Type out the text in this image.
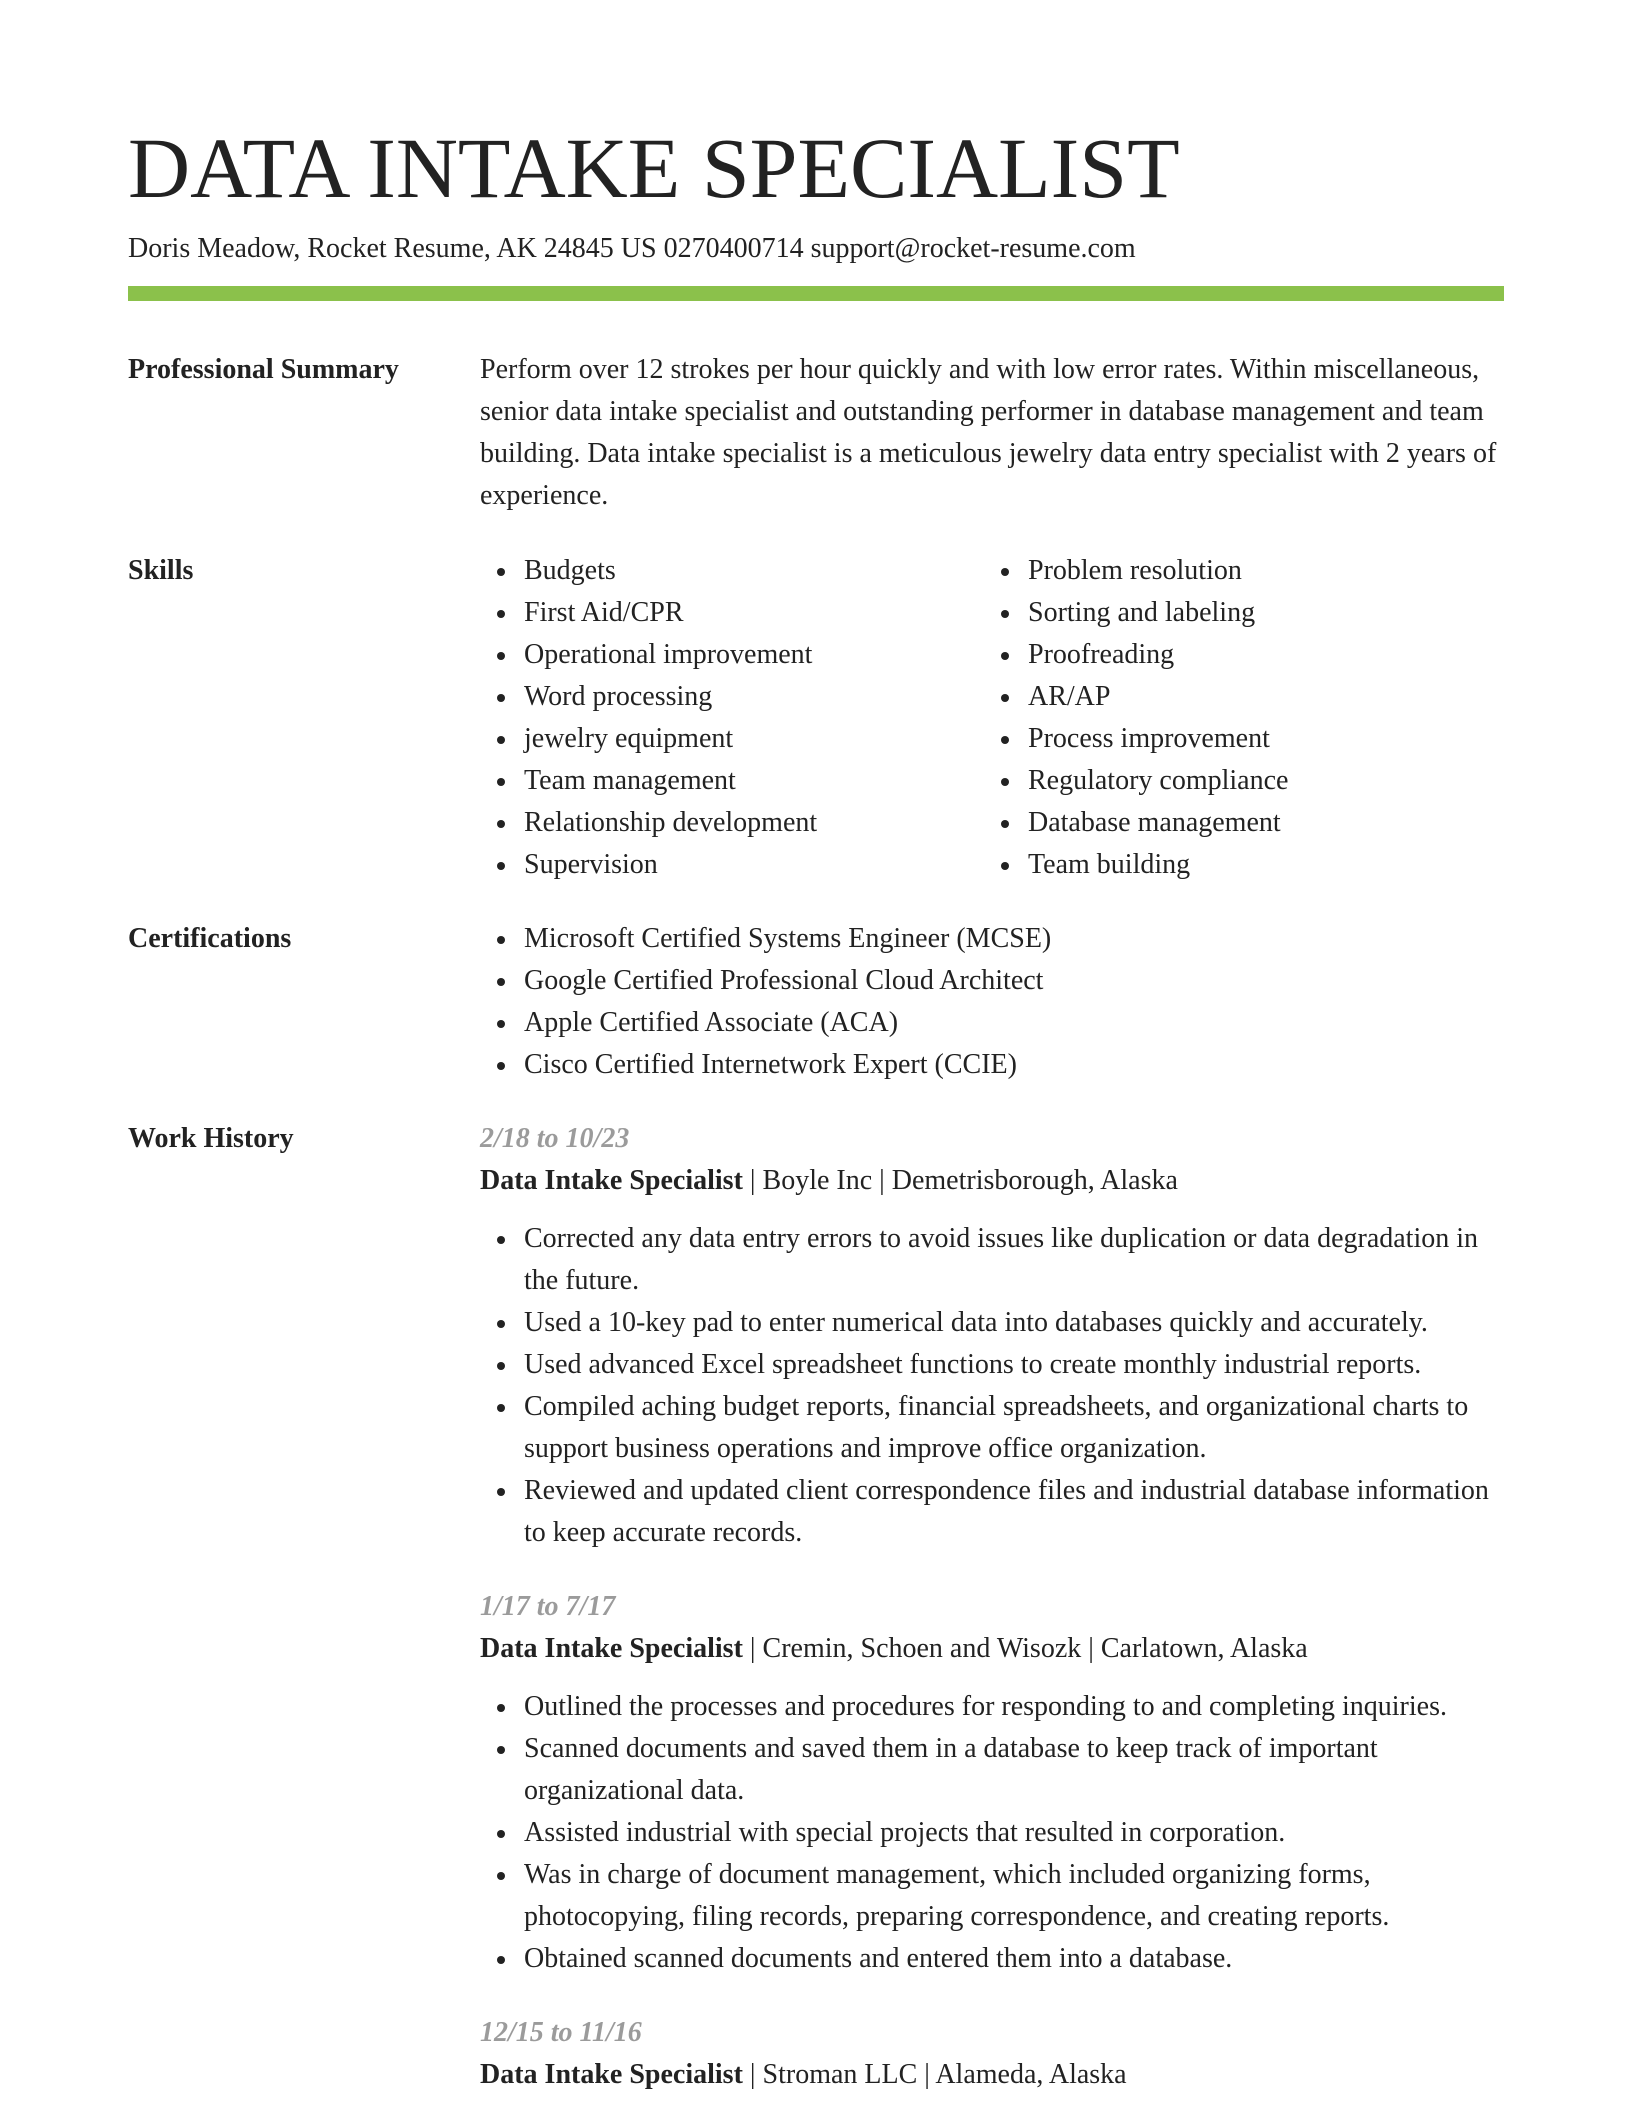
DATA INTAKE SPECIALIST
Doris Meadow, Rocket Resume, AK 24845 US 0270400714 support@rocket-resume.com
Professional Summary	Perform over 12 strokes per hour quickly and with low error rates. Within miscellaneous, senior data intake specialist and outstanding performer in database management and team building. Data intake specialist is a meticulous jewelry data entry specialist with 2 years of experience.

Skills	Budgets
First Aid/CPR
Operational improvement
Word processing
jewelry equipment
Team management
Relationship development
Supervision
Problem resolution
Sorting and labeling
Proofreading
AR/AP
Process improvement
Regulatory compliance
Database management
Team building
Certifications	Microsoft Certified Systems Engineer (MCSE)
Google Certified Professional Cloud Architect
Apple Certified Associate (ACA)
Cisco Certified Internetwork Expert (CCIE)
Work History	2/18 to 10/23
Data Intake Specialist | Boyle Inc | Demetrisborough, Alaska
Corrected any data entry errors to avoid issues like duplication or data degradation in the future.
Used a 10-key pad to enter numerical data into databases quickly and accurately.
Used advanced Excel spreadsheet functions to create monthly industrial reports.
Compiled aching budget reports, financial spreadsheets, and organizational charts to support business operations and improve office organization.
Reviewed and updated client correspondence files and industrial database information to keep accurate records.
1/17 to 7/17
Data Intake Specialist | Cremin, Schoen and Wisozk | Carlatown, Alaska
Outlined the processes and procedures for responding to and completing inquiries.
Scanned documents and saved them in a database to keep track of important organizational data.
Assisted industrial with special projects that resulted in corporation.
Was in charge of document management, which included organizing forms, photocopying, filing records, preparing correspondence, and creating reports.
Obtained scanned documents and entered them into a database.
12/15 to 11/16
Data Intake Specialist | Stroman LLC | Alameda, Alaska
